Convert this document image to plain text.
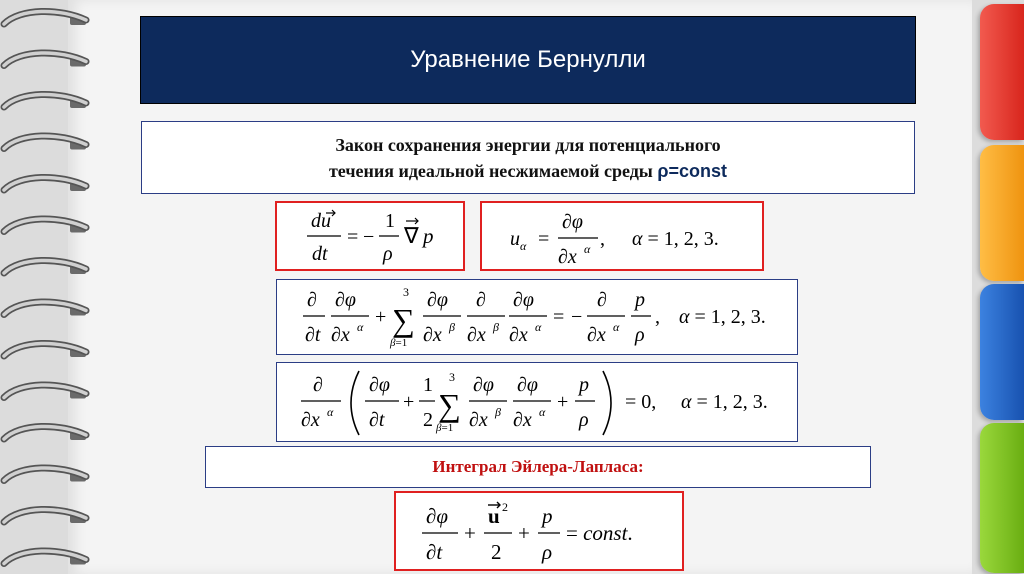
Уравнение Бернулли
Закон сохранения энергии для потенциального
течения идеальной несжимаемой среды ρ=const
du
dt
= −
1
ρ
∇ p	u α =
∂φ
∂x α , α = 1, 2, 3.
∂
∂t
∂φ
∂x α +
3
∑
β=1
∂φ
∂x β
∂
∂x β
∂φ
∂x α = −
∂
∂x α
p
ρ
, α = 1, 2, 3.
∂
∂x α
∂φ
∂t
+
1
2
3
∑
β=1
∂φ
∂x β
∂φ
∂x α +
p
ρ
= 0, α = 1, 2, 3.
Интеграл Эйлера-Лапласа:
∂φ
∂t
+
u 2
2
+
p
ρ
= const.
